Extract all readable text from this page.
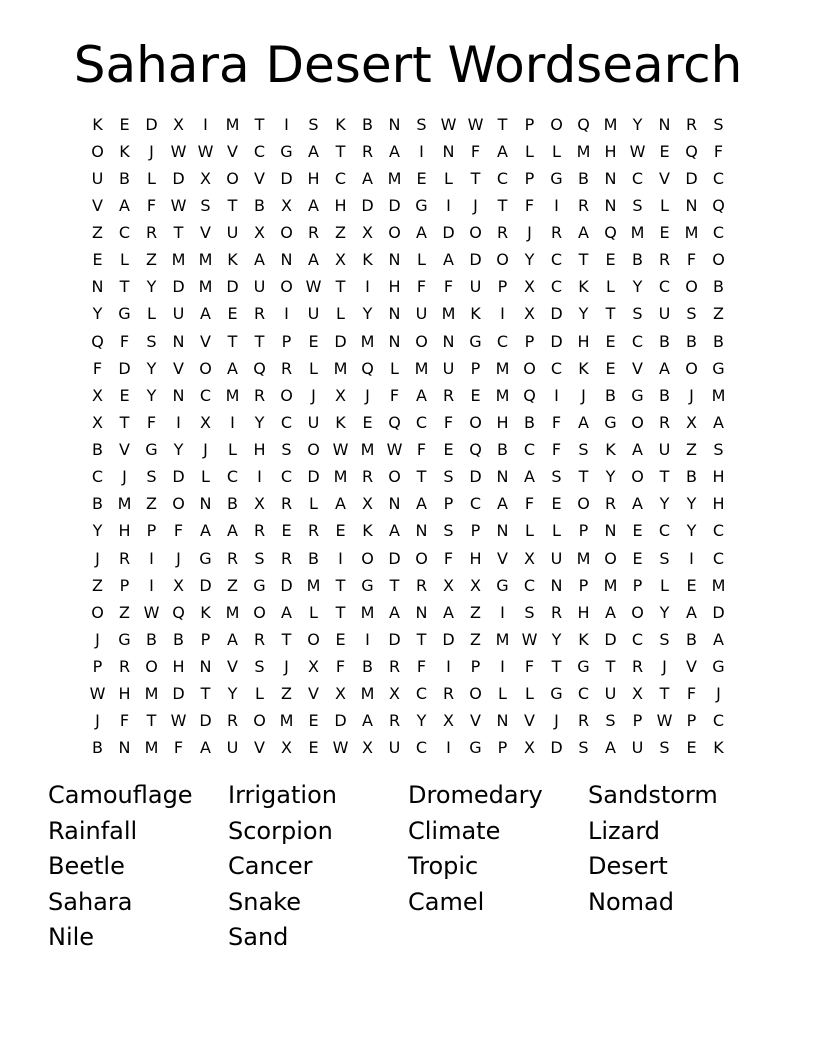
Sahara Desert Wordsearch
K	E D X	I	M T	I	S	K	B N S W W T	P O Q M Y	N R	S
O K	J	W W V C G A	T	R A	I	N	F	A	L	L M H W E Q	F
U B	L	D X O V D H C A M E	L	T	C	P G B N C V D C
V	A	F W S	T	B	X	A H D D G	I	J	T	F	I	R N S	L	N Q
Z C R	T	V U X O R Z	X O A D O R	J	R A Q M E M C
E	L	Z M M K	A N A	X	K N	L	A D O Y	C	T	E	B R	F	O
N	T	Y D M D U O W T	I	H	F	F	U	P	X C	K	L	Y	C O B
Y G	L	U A	E	R	I	U	L	Y	N U M K	I	X D Y	T	S	U	S	Z
Q	F	S N V	T	T	P	E D M N O N G C	P	D H E	C B	B	B
F	D Y	V O A Q R	L M Q	L M U	P M O C	K	E	V	A O G
X	E	Y	N C M R O	J	X	J	F	A R	E M Q	I	J	B G B	J	M
X	T	F	I	X	I	Y	C U K	E Q C	F	O H B	F	A G O R X	A
B	V G Y	J	L	H S O W M W F	E Q B C	F	S	K	A U Z	S
C	J	S D	L	C	I	C D M R O T	S D N A	S	T	Y O T	B H
B M Z O N B	X R	L	A	X N A	P	C A	F	E O R A	Y	Y	H
Y	H	P	F	A	A R	E	R	Е	K	A N S	P	N	L	L	P	N E	C	Y	C
J	R	I	J	G R	S	R B	I	O D O	F	H V	X U M O E	S	I	C
Z	P	I	X D Z G D M T G T	R X	X G C N	P M P	L	E M
O Z W Q K M O A	L	T M A N A	Z	I	S	R H A O Y	A D
J	G B	B	P	A R	T O E	I	D T D Z M W Y	K D C	S	B	A
P	R O H N V	S	J	X	F	B R	F	I	P	I	F	T G T	R	J	V G
W H M D T	Y	L	Z	V	X M X C R O	L	L	G C U X	T	F	J
J	F	T W D R O M E D A R	Y	X	V N V	J	R	S	P W P	C
B N M F	A U V	X	E W X U C	I	G P	X D S	A U	S	E	K
Camouflage	Irrigation	Dromedary	Sandstorm
Rainfall	Scorpion	Climate	Lizard
Beetle	Cancer	Tropic	Desert
Sahara	Snake	Camel	Nomad
Nile	Sand
